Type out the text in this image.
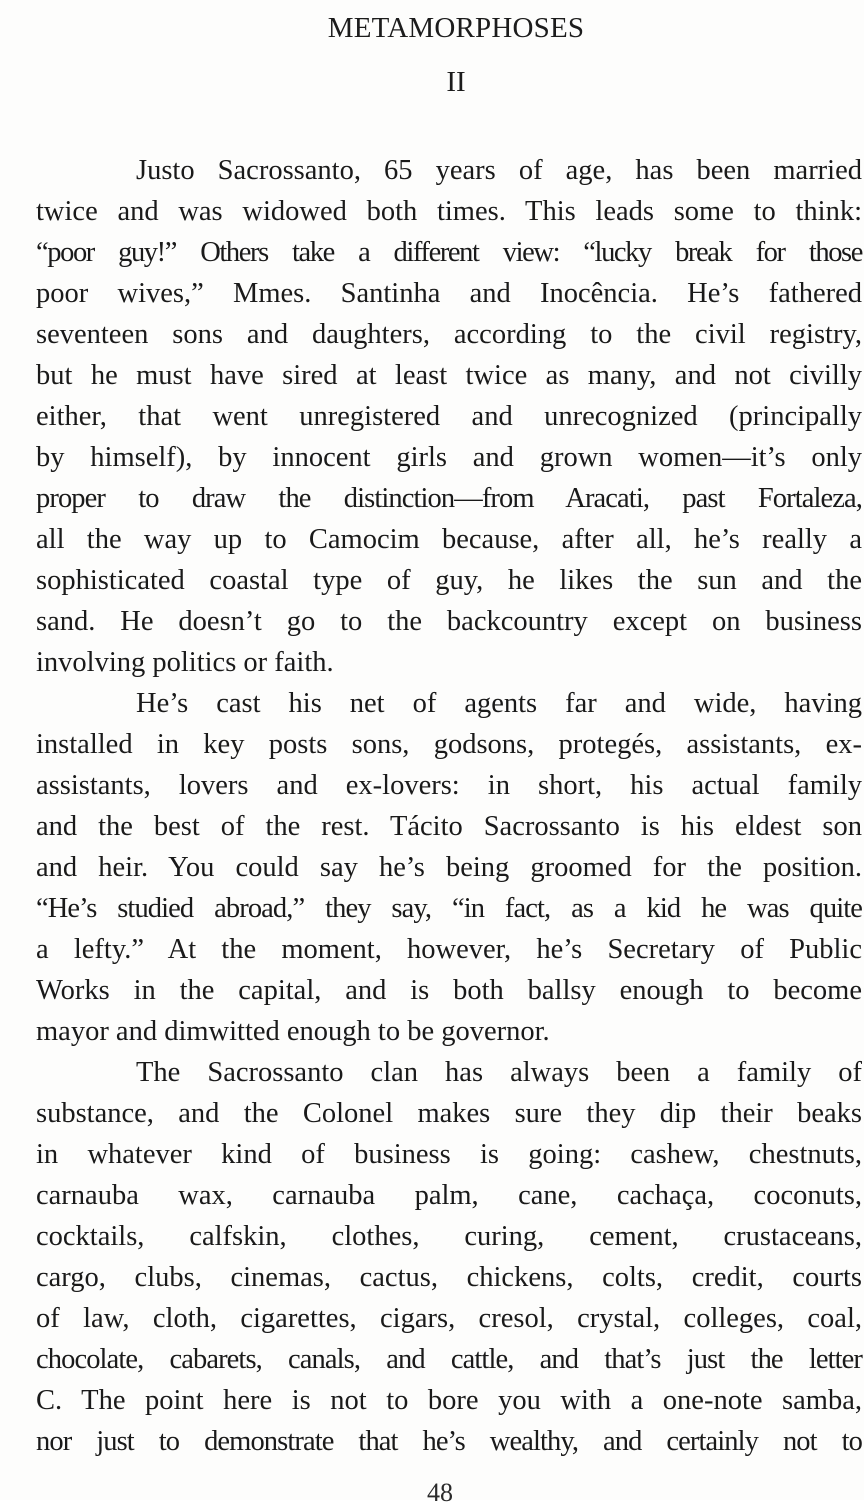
METAMORPHOSES
II
Justo Sacrossanto, 65 years of age, has been married
twice and was widowed both times. This leads some to think:
“poor guy!” Others take a different view: “lucky break for those
poor wives,” Mmes. Santinha and Inocência. He’s fathered
seventeen sons and daughters, according to the civil registry,
but he must have sired at least twice as many, and not civilly
either, that went unregistered and unrecognized (principally
by himself), by innocent girls and grown women—it’s only
proper to draw the distinction—from Aracati, past Fortaleza,
all the way up to Camocim because, after all, he’s really a
sophisticated coastal type of guy, he likes the sun and the
sand. He doesn’t go to the backcountry except on business
involving politics or faith.
He’s cast his net of agents far and wide, having
installed in key posts sons, godsons, protegés, assistants, ex-
assistants, lovers and ex-lovers: in short, his actual family
and the best of the rest. Tácito Sacrossanto is his eldest son
and heir. You could say he’s being groomed for the position.
“He’s studied abroad,” they say, “in fact, as a kid he was quite
a lefty.” At the moment, however, he’s Secretary of Public
Works in the capital, and is both ballsy enough to become
mayor and dimwitted enough to be governor.
The Sacrossanto clan has always been a family of
substance, and the Colonel makes sure they dip their beaks
in whatever kind of business is going: cashew, chestnuts,
carnauba wax, carnauba palm, cane, cachaça, coconuts,
cocktails, calfskin, clothes, curing, cement, crustaceans,
cargo, clubs, cinemas, cactus, chickens, colts, credit, courts
of law, cloth, cigarettes, cigars, cresol, crystal, colleges, coal,
chocolate, cabarets, canals, and cattle, and that’s just the letter
C. The point here is not to bore you with a one-note samba,
nor just to demonstrate that he’s wealthy, and certainly not to
48
